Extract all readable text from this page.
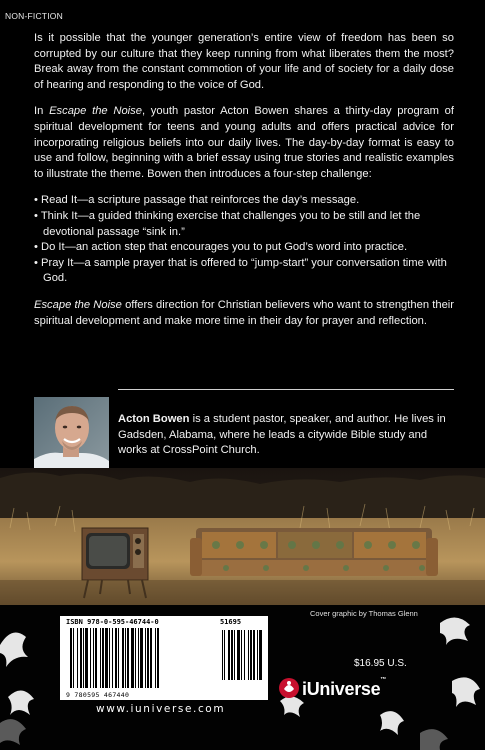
NON-FICTION

Is it possible that the younger generation’s entire view of freedom has been so corrupted by our culture that they keep running from what liberates them the most? Break away from the constant commotion of your life and of society for a daily dose of hearing and responding to the voice of God.

In Escape the Noise, youth pastor Acton Bowen shares a thirty-day program of spiritual development for teens and young adults and offers practical advice for incorporating religious beliefs into our daily lives. The day-by-day format is easy to use and follow, beginning with a brief essay using true stories and realistic examples to illustrate the theme. Bowen then introduces a four-step challenge:

• Read It—a scripture passage that reinforces the day’s message.
• Think It—a guided thinking exercise that challenges you to be still and let the devotional passage “sink in.”
• Do It—an action step that encourages you to put God’s word into practice.
• Pray It—a sample prayer that is offered to “jump-start” your conversation time with God.

Escape the Noise offers direction for Christian believers who want to strengthen their spiritual development and make more time in their day for prayer and reflection.

Acton Bowen is a student pastor, speaker, and author. He lives in Gadsden, Alabama, where he leads a citywide Bible study and works at CrossPoint Church.
Cover graphic by Thomas Glenn
ISBN 978-0-595-46744-0	51695
9 780595 467440
$16.95 U.S.
iUniverse™
www.iuniverse.com
